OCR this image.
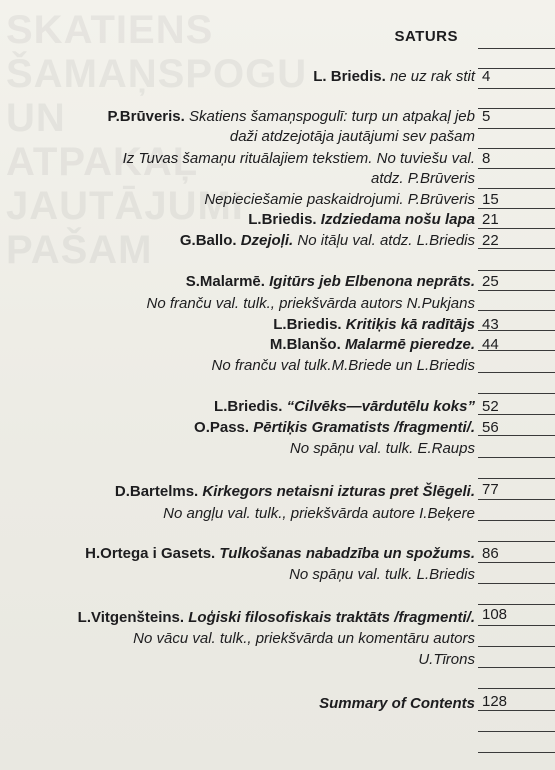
SKATIENS
ŠAMAŅSPOGU
UN
ATPAKAĻ
JAUTĀJUMI
PAŠAM
SATURS
L. Briedis. ne uz rak stit 4
P.Brūveris. Skatiens šamaņspogulī: turp un atpakaļ jeb
daži atdzejotāja jautājumi sev pašam
5
Iz Tuvas šamaņu rituālajiem tekstiem. No tuviešu val.
atdz. P.Brūveris
8
Nepieciešamie paskaidrojumi. P.Brūveris 15
L.Briedis. Izdziedama nošu lapa 21
G.Ballo. Dzejoļi. No itāļu val. atdz. L.Briedis 22
S.Malarmē. Igitūrs jeb Elbenona neprāts.
No franču val. tulk., priekšvārda autors N.Pukjans
25
L.Briedis. Kritiķis kā radītājs 43
M.Blanšo. Malarmē pieredze.
No franču val tulk.M.Briede un L.Briedis
44
L.Briedis. “Cilvēks—vārdutēlu koks” 52
O.Pass. Pērtiķis Gramatists /fragmenti/.
No spāņu val. tulk. E.Raups
56
D.Bartelms. Kirkegors netaisni izturas pret Šlēgeli.
No angļu val. tulk., priekšvārda autore I.Beķere
77
H.Ortega i Gasets. Tulkošanas nabadzība un spožums.
No spāņu val. tulk. L.Briedis
86
L.Vitgenšteins. Loģiski filosofiskais traktāts /fragmenti/.
No vācu val. tulk., priekšvārda un komentāru autors
U.Tīrons
108
Summary of Contents 128
